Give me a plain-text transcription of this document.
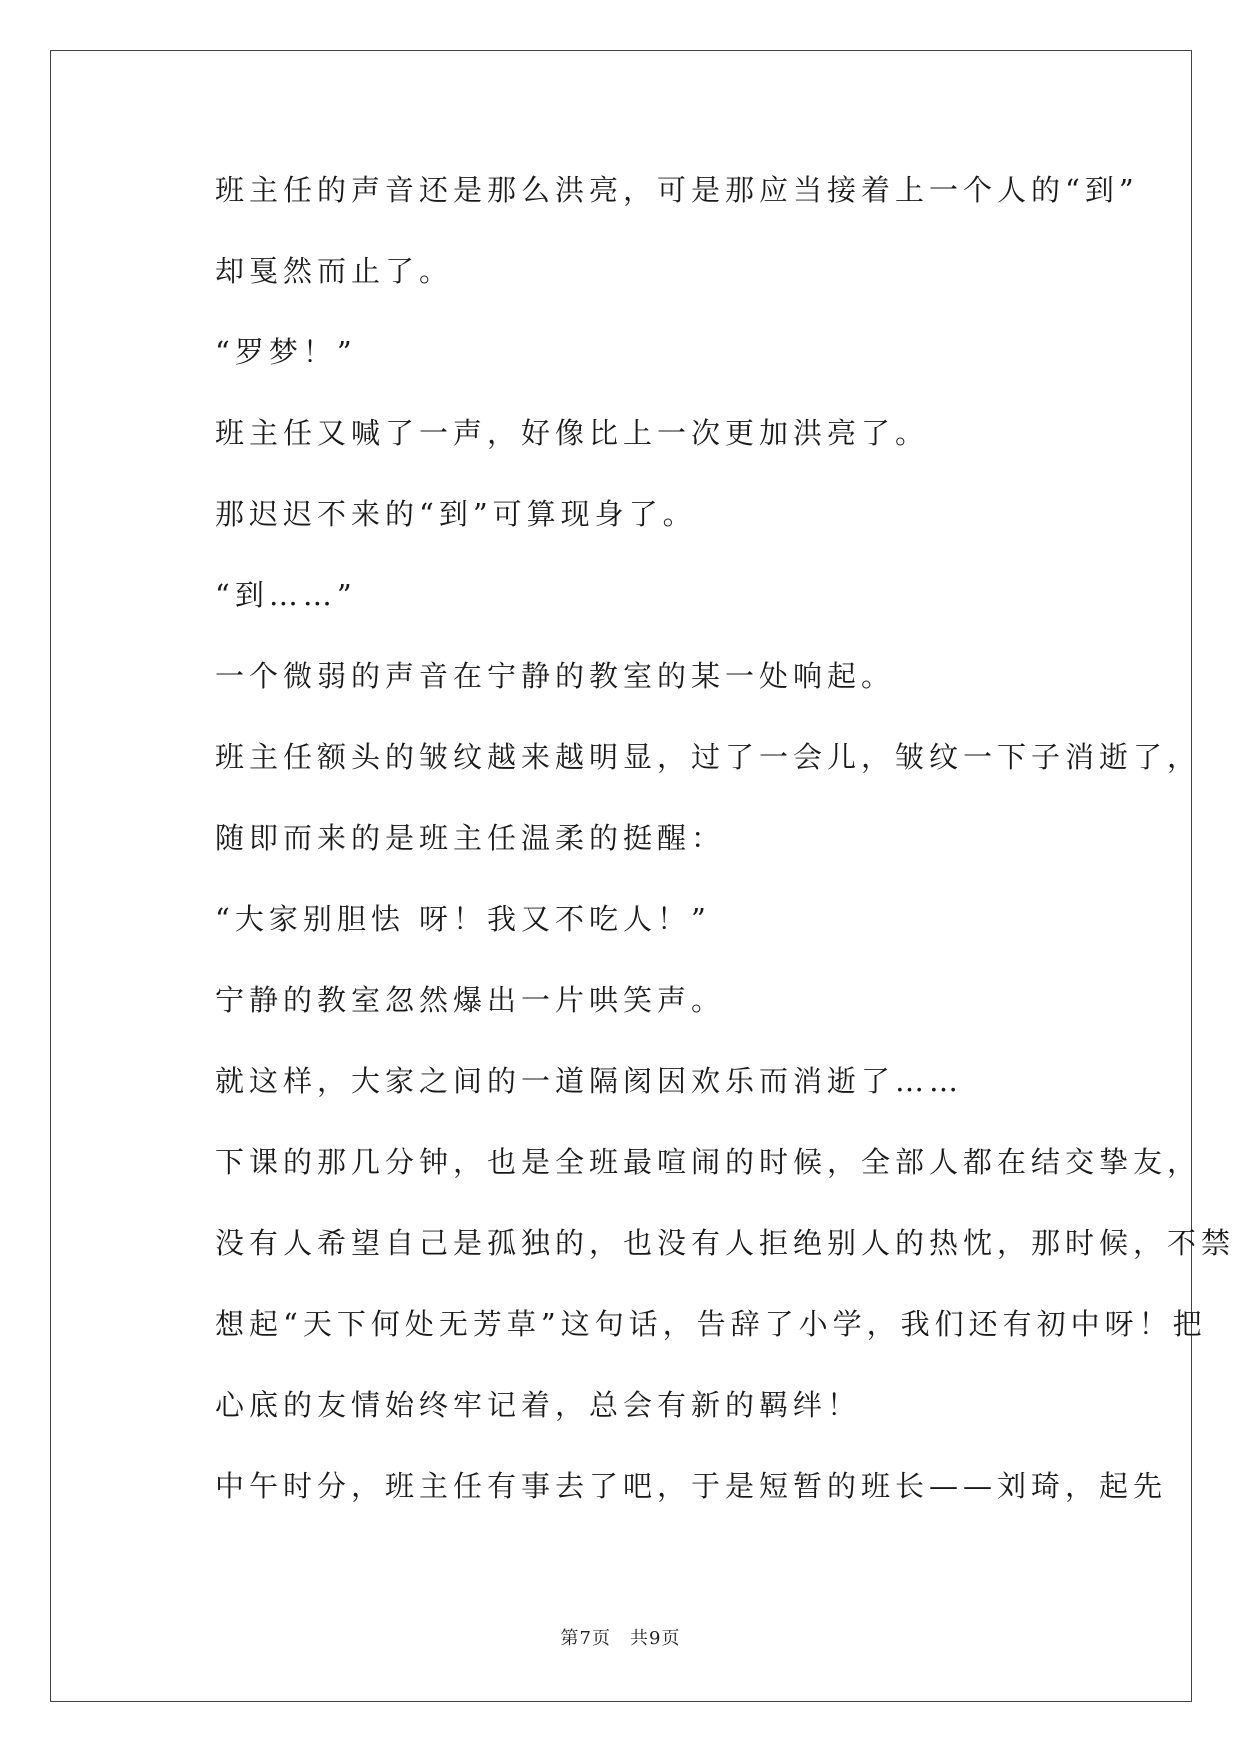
班主任的声音还是那么洪亮，可是那应当接着上一个人的“到”
却戛然而止了。

“罗梦！”

班主任又喊了一声，好像比上一次更加洪亮了。

那迟迟不来的“到”可算现身了。

“到……”

一个微弱的声音在宁静的教室的某一处响起。

班主任额头的皱纹越来越明显，过了一会儿，皱纹一下子消逝了，
随即而来的是班主任温柔的挺醒：

“大家别胆怯 呀！我又不吃人！”

宁静的教室忽然爆出一片哄笑声。

就这样，大家之间的一道隔阂因欢乐而消逝了……

下课的那几分钟，也是全班最喧闹的时候，全部人都在结交挚友，
没有人希望自己是孤独的，也没有人拒绝别人的热忱，那时候，不禁
想起“天下何处无芳草”这句话，告辞了小学，我们还有初中呀！把
心底的友情始终牢记着，总会有新的羁绊！

中午时分，班主任有事去了吧，于是短暂的班长——刘琦，起先

第7页　共9页
